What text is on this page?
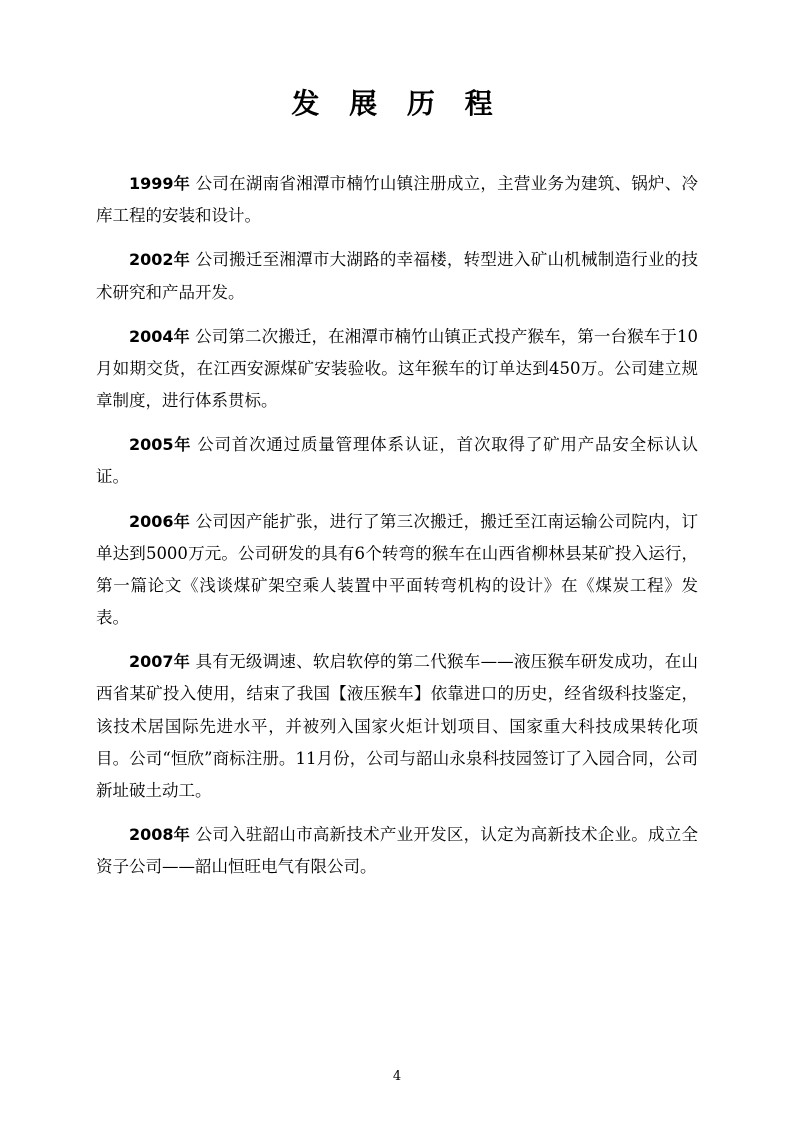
发 展 历 程

1999年 公司在湖南省湘潭市楠竹山镇注册成立，主营业务为建筑、锅炉、冷库工程的安装和设计。

2002年 公司搬迁至湘潭市大湖路的幸福楼，转型进入矿山机械制造行业的技术研究和产品开发。

2004年 公司第二次搬迁，在湘潭市楠竹山镇正式投产猴车，第一台猴车于10月如期交货，在江西安源煤矿安装验收。这年猴车的订单达到450万。公司建立规章制度，进行体系贯标。

2005年 公司首次通过质量管理体系认证，首次取得了矿用产品安全标认认证。

2006年 公司因产能扩张，进行了第三次搬迁，搬迁至江南运输公司院内，订单达到5000万元。公司研发的具有6个转弯的猴车在山西省柳林县某矿投入运行，第一篇论文《浅谈煤矿架空乘人装置中平面转弯机构的设计》在《煤炭工程》发表。

2007年 具有无级调速、软启软停的第二代猴车——液压猴车研发成功，在山西省某矿投入使用，结束了我国【液压猴车】依靠进口的历史，经省级科技鉴定，该技术居国际先进水平，并被列入国家火炬计划项目、国家重大科技成果转化项目。公司“恒欣”商标注册。11月份，公司与韶山永泉科技园签订了入园合同，公司新址破土动工。

2008年 公司入驻韶山市高新技术产业开发区，认定为高新技术企业。成立全资子公司——韶山恒旺电气有限公司。

4
